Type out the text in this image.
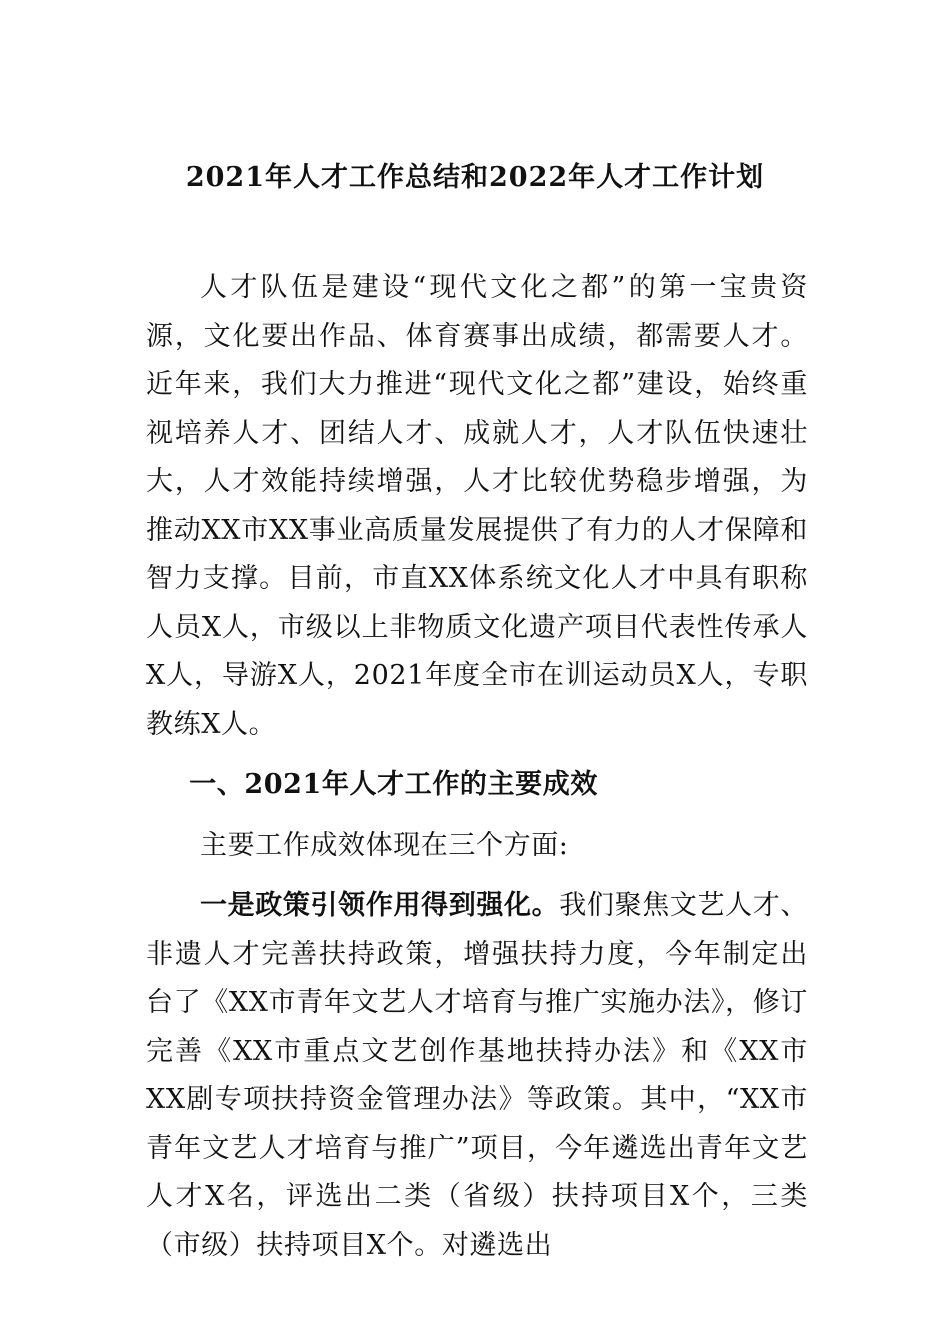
2021年人才工作总结和2022年人才工作计划

人才队伍是建设“现代文化之都”的第一宝贵资源，文化要出作品、体育赛事出成绩，都需要人才。近年来，我们大力推进“现代文化之都”建设，始终重视培养人才、团结人才、成就人才，人才队伍快速壮大，人才效能持续增强，人才比较优势稳步增强，为推动XX市XX事业高质量发展提供了有力的人才保障和智力支撑。目前，市直XX体系统文化人才中具有职称人员X人，市级以上非物质文化遗产项目代表性传承人X人，导游X人，2021年度全市在训运动员X人，专职教练X人。

一、2021年人才工作的主要成效

主要工作成效体现在三个方面:

一是政策引领作用得到强化。我们聚焦文艺人才、非遗人才完善扶持政策，增强扶持力度，今年制定出台了《XX市青年文艺人才培育与推广实施办法》，修订完善《XX市重点文艺创作基地扶持办法》和《XX市XX剧专项扶持资金管理办法》等政策。其中，“XX市青年文艺人才培育与推广”项目，今年遴选出青年文艺人才X名，评选出二类（省级）扶持项目X个，三类（市级）扶持项目X个。对遴选出
